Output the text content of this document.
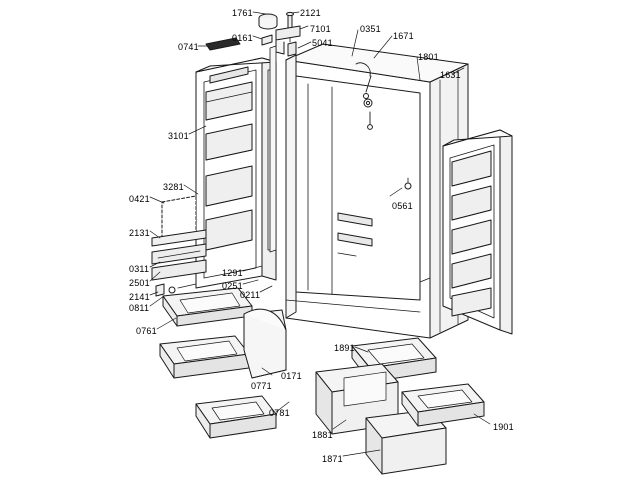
1761	2121
7101	0351
1671
0161	5041
0741
1801
1631
3101
3281
0421
0561
2131
0311	1291
2501	0251
2141	0211
0811
0761
1891
0171
0771
0781
1901
1881
1871
